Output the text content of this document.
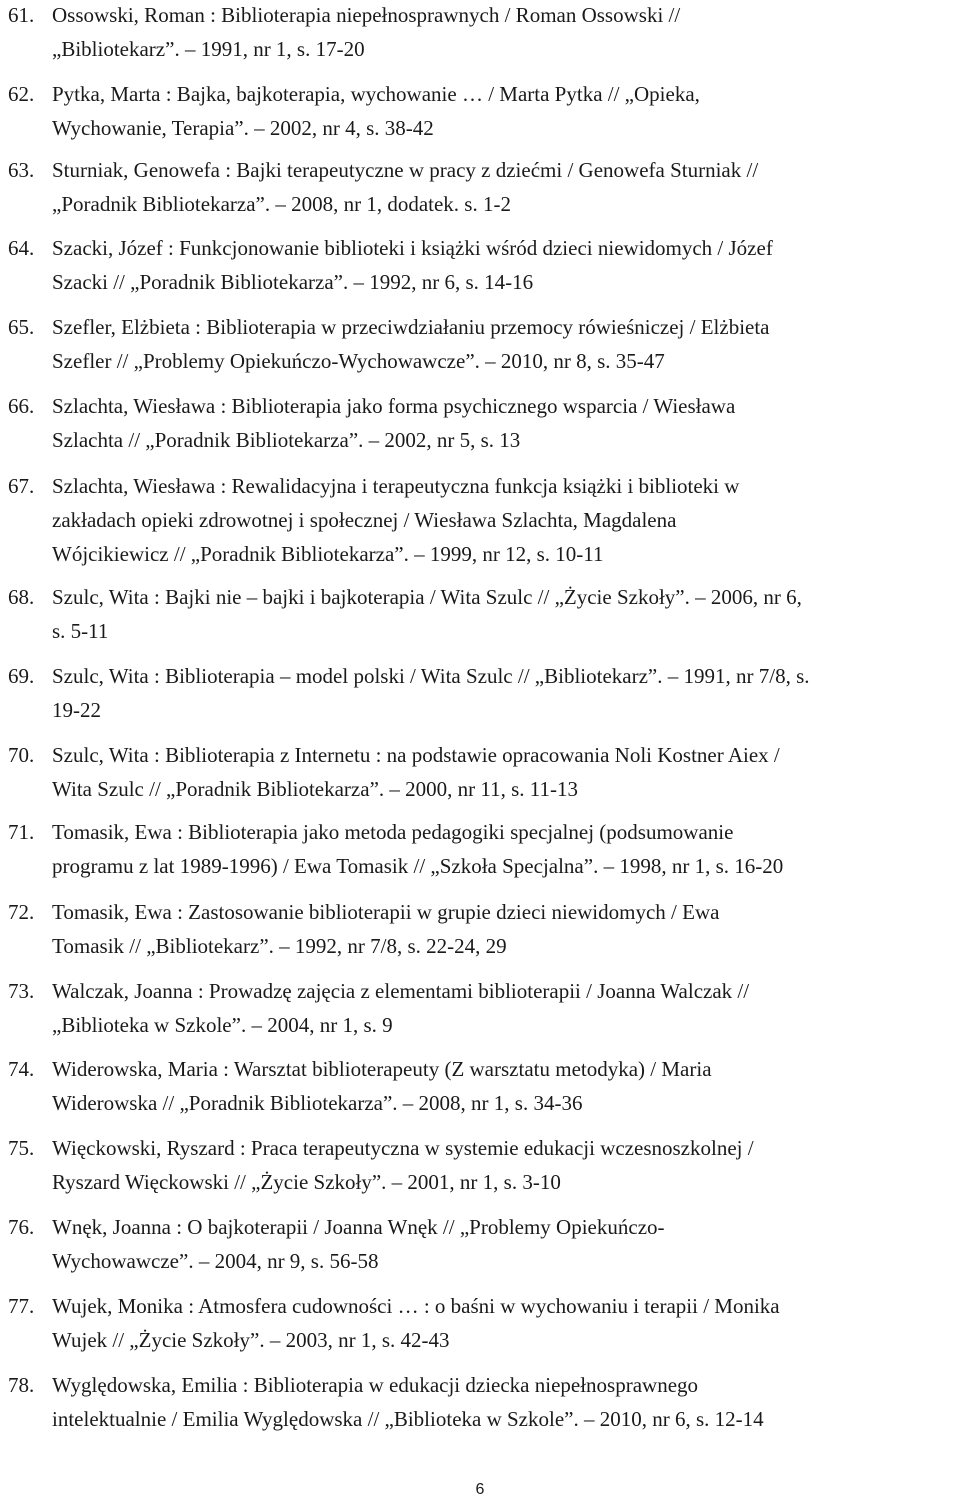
61. Ossowski, Roman : Biblioterapia niepełnosprawnych / Roman Ossowski //
„Bibliotekarz”. – 1991, nr 1, s. 17-20

62. Pytka, Marta : Bajka, bajkoterapia, wychowanie … / Marta Pytka // „Opieka,
Wychowanie, Terapia”. – 2002, nr 4, s. 38-42

63. Sturniak, Genowefa : Bajki terapeutyczne w pracy z dziećmi / Genowefa Sturniak //
„Poradnik Bibliotekarza”. – 2008, nr 1, dodatek. s. 1-2

64. Szacki, Józef : Funkcjonowanie biblioteki i książki wśród dzieci niewidomych / Józef
Szacki // „Poradnik Bibliotekarza”. – 1992, nr 6, s. 14-16

65. Szefler, Elżbieta : Biblioterapia w przeciwdziałaniu przemocy rówieśniczej / Elżbieta
Szefler // „Problemy Opiekuńczo-Wychowawcze”. – 2010, nr 8, s. 35-47

66. Szlachta, Wiesława : Biblioterapia jako forma psychicznego wsparcia / Wiesława
Szlachta // „Poradnik Bibliotekarza”. – 2002, nr 5, s. 13

67. Szlachta, Wiesława : Rewalidacyjna i terapeutyczna funkcja książki i biblioteki w
zakładach opieki zdrowotnej i społecznej / Wiesława Szlachta, Magdalena
Wójcikiewicz // „Poradnik Bibliotekarza”. – 1999, nr 12, s. 10-11

68. Szulc, Wita : Bajki nie – bajki i bajkoterapia / Wita Szulc // „Życie Szkoły”. – 2006, nr 6,
s. 5-11

69. Szulc, Wita : Biblioterapia – model polski / Wita Szulc // „Bibliotekarz”. – 1991, nr 7/8, s.
19-22

70. Szulc, Wita : Biblioterapia z Internetu : na podstawie opracowania Noli Kostner Aiex /
Wita Szulc // „Poradnik Bibliotekarza”. – 2000, nr 11, s. 11-13

71. Tomasik, Ewa : Biblioterapia jako metoda pedagogiki specjalnej (podsumowanie
programu z lat 1989-1996) / Ewa Tomasik // „Szkoła Specjalna”. – 1998, nr 1, s. 16-20

72. Tomasik, Ewa : Zastosowanie biblioterapii w grupie dzieci niewidomych / Ewa
Tomasik // „Bibliotekarz”. – 1992, nr 7/8, s. 22-24, 29

73. Walczak, Joanna : Prowadzę zajęcia z elementami biblioterapii / Joanna Walczak //
„Biblioteka w Szkole”. – 2004, nr 1, s. 9

74. Widerowska, Maria : Warsztat biblioterapeuty (Z warsztatu metodyka) / Maria
Widerowska // „Poradnik Bibliotekarza”. – 2008, nr 1, s. 34-36

75. Więckowski, Ryszard : Praca terapeutyczna w systemie edukacji wczesnoszkolnej /
Ryszard Więckowski // „Życie Szkoły”. – 2001, nr 1, s. 3-10

76. Wnęk, Joanna : O bajkoterapii / Joanna Wnęk // „Problemy Opiekuńczo-
Wychowawcze”. – 2004, nr 9, s. 56-58

77. Wujek, Monika : Atmosfera cudowności … : o baśni w wychowaniu i terapii / Monika
Wujek // „Życie Szkoły”. – 2003, nr 1, s. 42-43

78. Wyględowska, Emilia : Biblioterapia w edukacji dziecka niepełnosprawnego
intelektualnie / Emilia Wyględowska // „Biblioteka w Szkole”. – 2010, nr 6, s. 12-14

6
